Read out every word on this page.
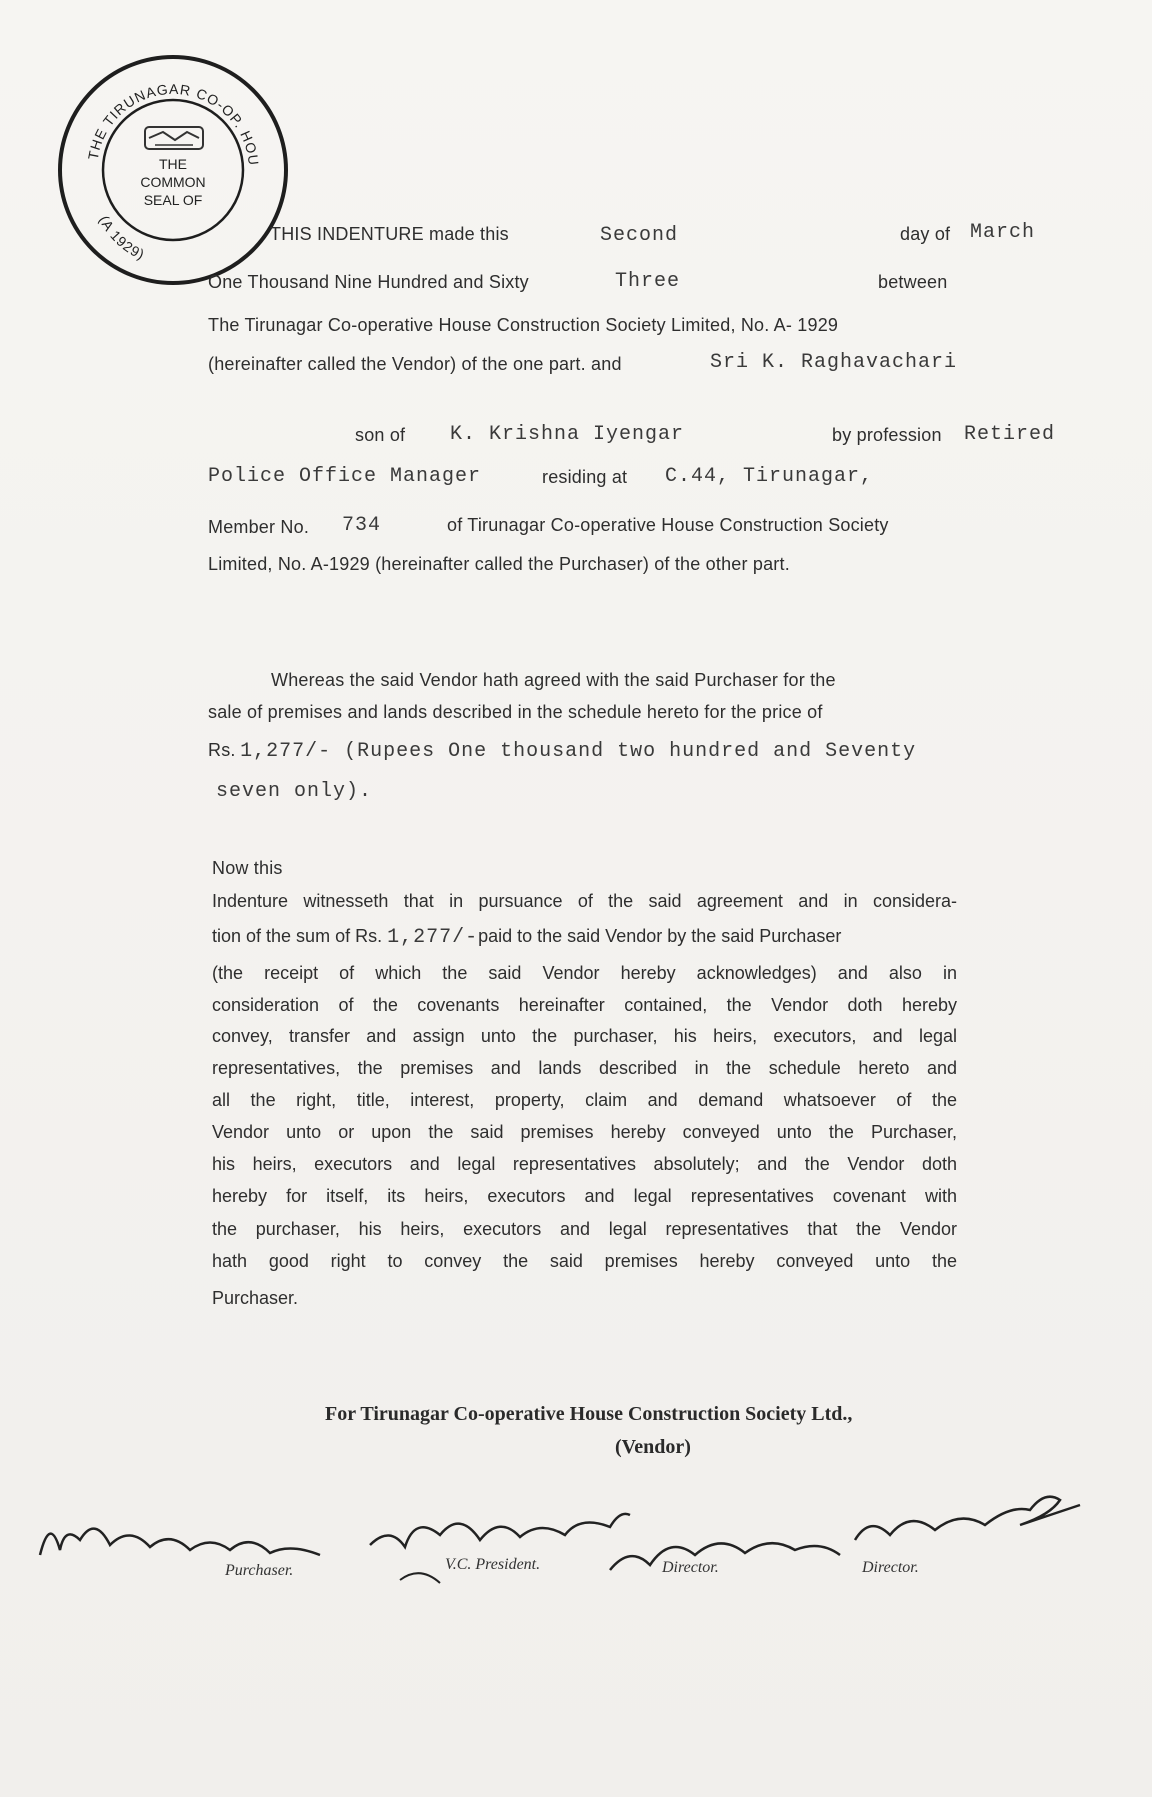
THE TIRUNAGAR CO-OP. HOU
(A 1929)
THE
COMMON
SEAL OF
THIS INDENTURE made this	Second	day of March
One Thousand Nine Hundred and Sixty	Three	between
The Tirunagar Co-operative House Construction Society Limited, No. A- 1929
(hereinafter called the Vendor) of the one part. and	Sri K. Raghavachari
son of K. Krishna Iyengar	by profession Retired
Police Office Manager	residing at C.44, Tirunagar,
Member No. 734	of Tirunagar Co-operative House Construction Society
Limited, No. A-1929 (hereinafter called the Purchaser) of the other part.
Whereas the said Vendor hath agreed with the said Purchaser for the
sale of premises and lands described in the schedule hereto for the price of
Rs. 1,277/- (Rupees One thousand two hundred and Seventy
seven only).
Now this
Indenture witnesseth that in pursuance of the said agreement and in considera-
tion of the sum of Rs. 1,277/-paid to the said Vendor by the said Purchaser
(the receipt of which the said Vendor hereby acknowledges) and also in
consideration of the covenants hereinafter contained, the Vendor doth hereby
convey, transfer and assign unto the purchaser, his heirs, executors, and legal
representatives, the premises and lands described in the schedule hereto and
all the right, title, interest, property, claim and demand whatsoever of the
Vendor unto or upon the said premises hereby conveyed unto the Purchaser,
his heirs, executors and legal representatives absolutely; and the Vendor doth
hereby for itself, its heirs, executors and legal representatives covenant with
the purchaser, his heirs, executors and legal representatives that the Vendor
hath good right to convey the said premises hereby conveyed unto the
Purchaser.
For Tirunagar Co-operative House Construction Society Ltd.,
(Vendor)
Purchaser.	V.C. President.	Director.	Director.
